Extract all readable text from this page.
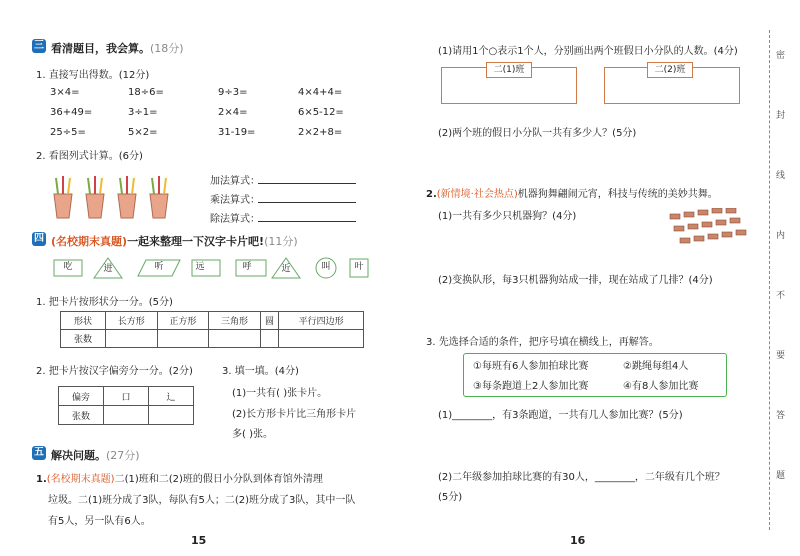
三 看清题目，我会算。(18分)
1. 直接写出得数。(12分)
3×4=	18÷6=	9÷3=	4×4+4=
36+49=	3÷1=	2×4=	6×5-12=
25÷5=	5×2=	31-19=	2×2+8=
2. 看图列式计算。(6分)
加法算式：
乘法算式：
除法算式：
四 (名校期末真题)一起来整理一下汉字卡片吧!(11分)
吃	进	听	远	呼	近	叫	叶
1. 把卡片按形状分一分。(5分)
形状	长方形	正方形	三角形	圆	平行四边形
张数					
2. 把卡片按汉字偏旁分一分。(2分)	3. 填一填。(4分)
偏旁	口	辶
张数		
(1)一共有( )张卡片。
(2)长方形卡片比三角形卡片
多( )张。
五 解决问题。(27分)
1.(名校期末真题)二(1)班和二(2)班的假日小分队到体育馆外清理
垃圾。二(1)班分成了3队，每队有5人；二(2)班分成了3队，其中一队
有5人，另一队有6人。
15
(1)请用1个○表示1个人，分别画出两个班假日小分队的人数。(4分)
二(1)班	二(2)班
(2)两个班的假日小分队一共有多少人？(5分)
2.(新情境·社会热点)机器狗舞翩闹元宵，科技与传统的美妙共舞。
(1)一共有多少只机器狗？(4分)
(2)变换队形，每3只机器狗站成一排，现在站成了几排？(4分)
3. 先选择合适的条件，把序号填在横线上，再解答。
①每班有6人参加拍球比赛	②跳绳每组4人
③每条跑道上2人参加比赛	④有8人参加比赛
(1)________，有3条跑道，一共有几人参加比赛？(5分)
(2)二年级参加拍球比赛的有30人，________，二年级有几个班？
(5分)
16
密
封
线
内
不
要
答
题
